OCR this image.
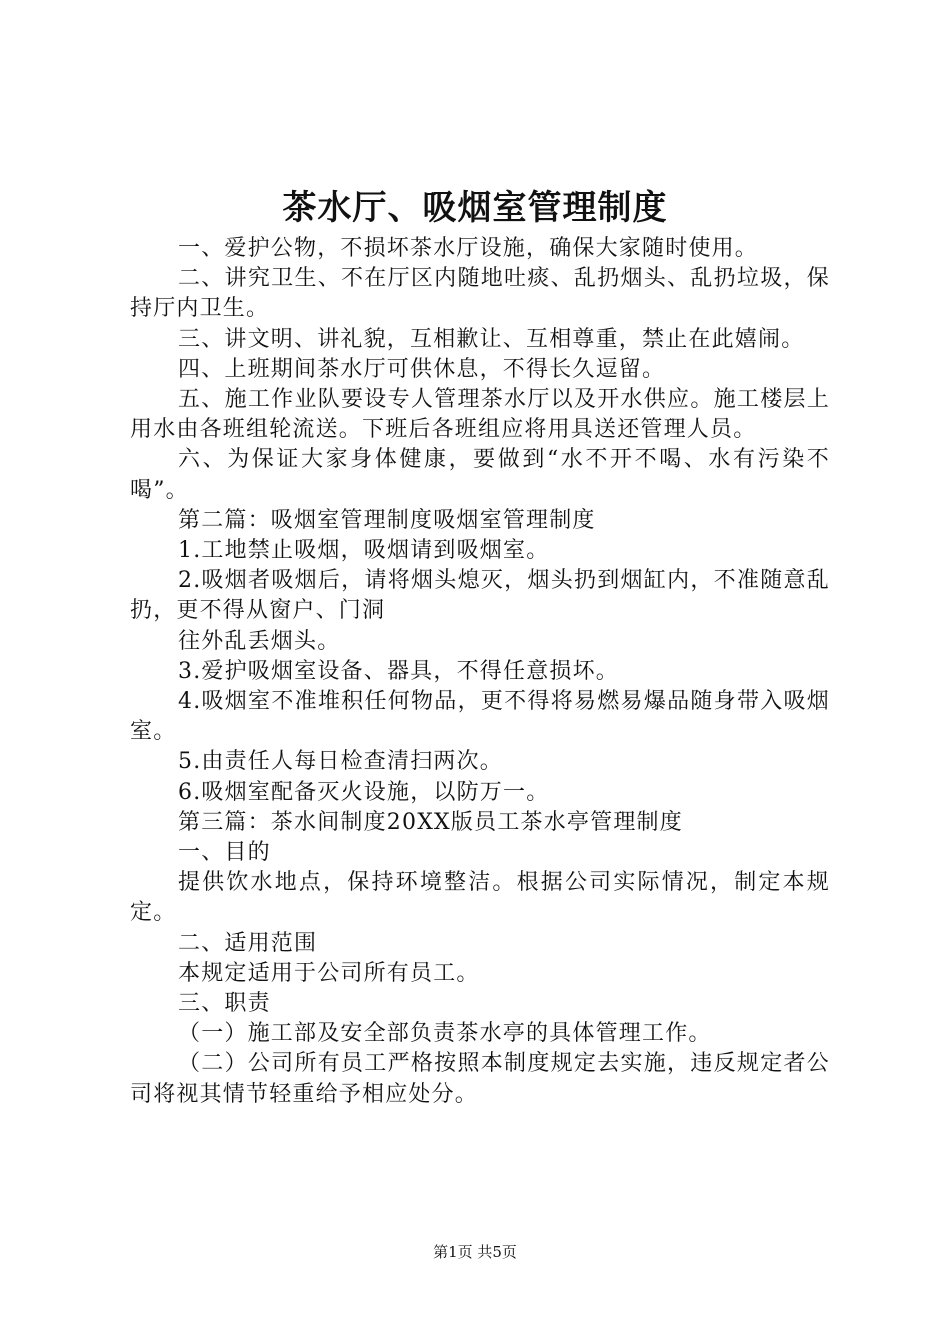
茶水厅、吸烟室管理制度

一、爱护公物，不损坏茶水厅设施，确保大家随时使用。

二、讲究卫生、不在厅区内随地吐痰、乱扔烟头、乱扔垃圾，保持厅内卫生。

三、讲文明、讲礼貌，互相歉让、互相尊重，禁止在此嬉闹。

四、上班期间茶水厅可供休息，不得长久逗留。

五、施工作业队要设专人管理茶水厅以及开水供应。施工楼层上用水由各班组轮流送。下班后各班组应将用具送还管理人员。

六、为保证大家身体健康，要做到“水不开不喝、水有污染不喝”。

第二篇：吸烟室管理制度吸烟室管理制度

1.工地禁止吸烟，吸烟请到吸烟室。

2.吸烟者吸烟后，请将烟头熄灭，烟头扔到烟缸内，不准随意乱扔，更不得从窗户、门洞

往外乱丢烟头。

3.爱护吸烟室设备、器具，不得任意损坏。

4.吸烟室不准堆积任何物品，更不得将易燃易爆品随身带入吸烟室。

5.由责任人每日检查清扫两次。

6.吸烟室配备灭火设施，以防万一。

第三篇：茶水间制度20XX版员工茶水亭管理制度

一、目的

提供饮水地点，保持环境整洁。根据公司实际情况，制定本规定。

二、适用范围

本规定适用于公司所有员工。

三、职责

（一）施工部及安全部负责茶水亭的具体管理工作。

（二）公司所有员工严格按照本制度规定去实施，违反规定者公司将视其情节轻重给予相应处分。

第1页 共5页
